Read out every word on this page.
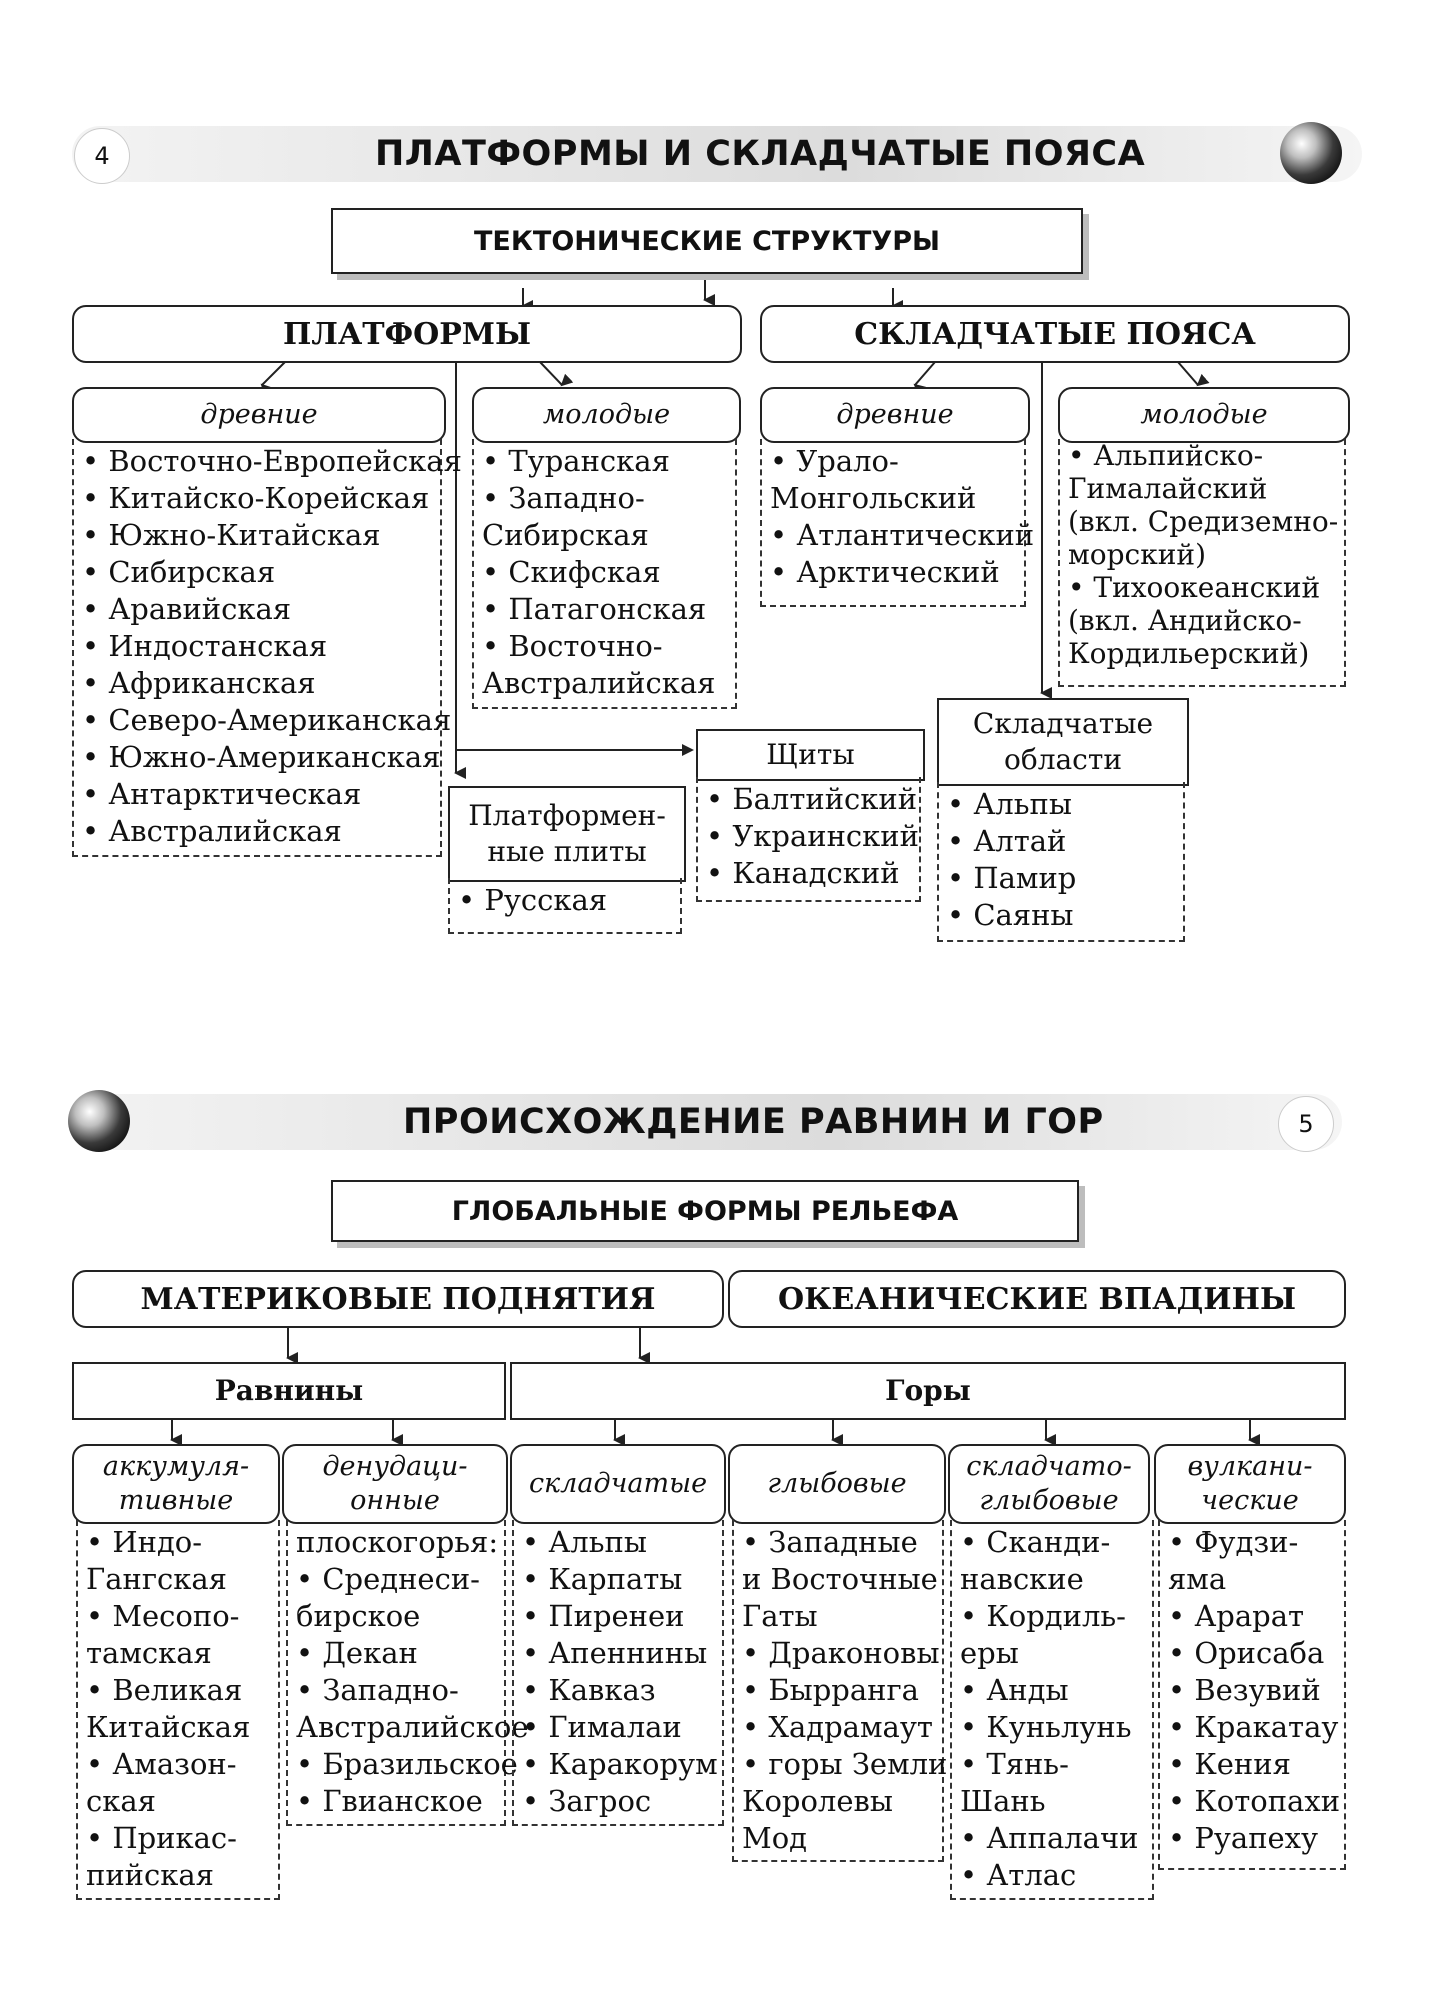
4	ПЛАТФОРМЫ И СКЛАДЧАТЫЕ ПОЯСА
ТЕКТОНИЧЕСКИЕ СТРУКТУРЫ
ПЛАТФОРМЫ	СКЛАДЧАТЫЕ ПОЯСА
древние
• Восточно-Европейская
• Китайско-Корейская
• Южно-Китайская
• Сибирская
• Аравийская
• Индостанская
• Африканская
• Северо-Американская
• Южно-Американская
• Антарктическая
• Австралийская
молодые
• Туранская
• Западно-
Сибирская
• Скифская
• Патагонская
• Восточно-
Австралийская
древние
• Урало-
Монгольский
• Атлантический
• Арктический
молодые
• Альпийско-
Гималайский
(вкл. Средиземно-
морский)
• Тихоокеанский
(вкл. Андийско-
Кордильерский)
Платформен-
ные плиты
• Русская
Щиты
• Балтийский
• Украинский
• Канадский
Складчатые
области
• Альпы
• Алтай
• Памир
• Саяны
ПРОИСХОЖДЕНИЕ РАВНИН И ГОР	5
ГЛОБАЛЬНЫЕ ФОРМЫ РЕЛЬЕФА
МАТЕРИКОВЫЕ ПОДНЯТИЯ	ОКЕАНИЧЕСКИЕ ВПАДИНЫ
Равнины	Горы
аккумуля-
тивные
• Индо-
Гангская
• Месопо-
тамская
• Великая
Китайская
• Амазон-
ская
• Прикас-
пийская
денудаци-
онные
плоскогорья:
• Среднеси-
бирское
• Декан
• Западно-
Австралийское
• Бразильское
• Гвианское
складчатые
• Альпы
• Карпаты
• Пиренеи
• Апеннины
• Кавказ
• Гималаи
• Каракорум
• Загрос
глыбовые
• Западные
и Восточные
Гаты
• Драконовы
• Бырранга
• Хадрамаут
• горы Земли
Королевы
Мод
складчато-
глыбовые
• Сканди-
навские
• Кордиль-
еры
• Анды
• Куньлунь
• Тянь-
Шань
• Аппалачи
• Атлас
вулкани-
ческие
• Фудзи-
яма
• Арарат
• Орисаба
• Везувий
• Кракатау
• Кения
• Котопахи
• Руапеху
